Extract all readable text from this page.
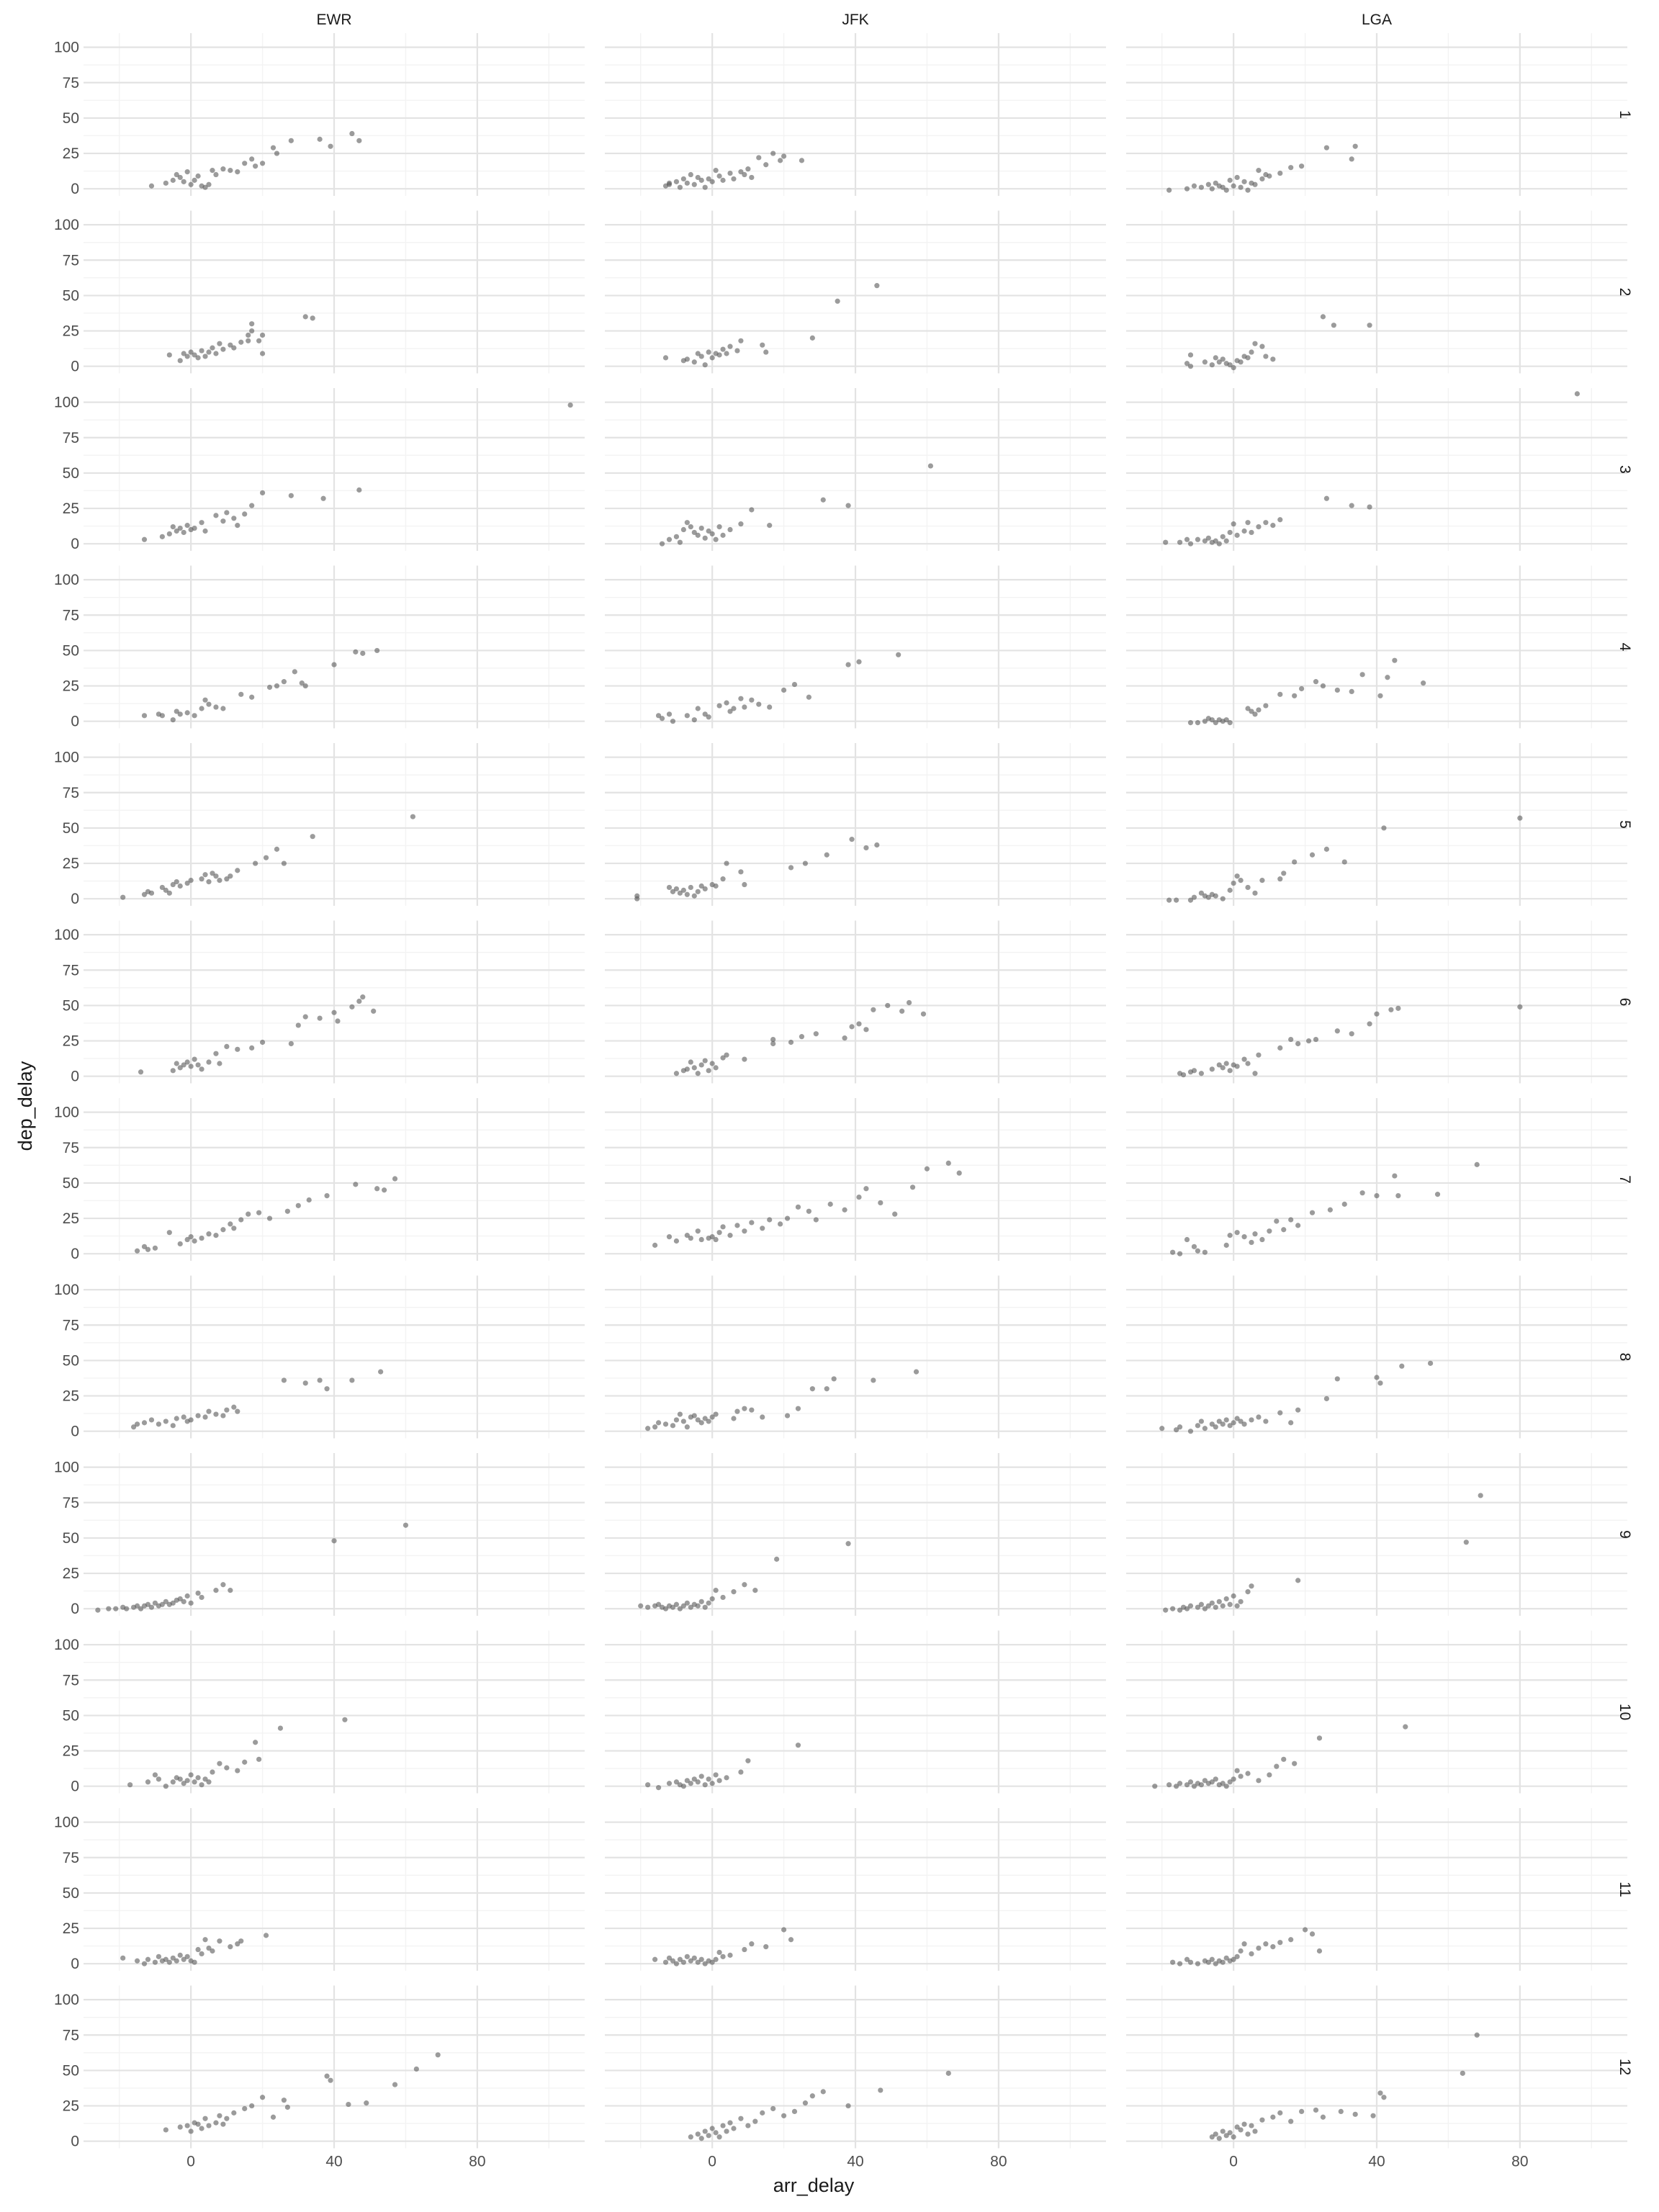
1
2
3
4
5
6
7
8
9
10
11
12
EWR	JFK	LGA
0
25
50
75
100
0
25
50
75
100
0
25
50
75
100
0
25
50
75
100
0
25
50
75
100
0
25
50
75
100
0
25
50
75
100
0
25
50
75
100
0
25
50
75
100
0
25
50
75
100
0
25
50
75
100
0
25
50
75
100
0	40	80	0	40	80	0	40	80
arr_delay
dep_delay
